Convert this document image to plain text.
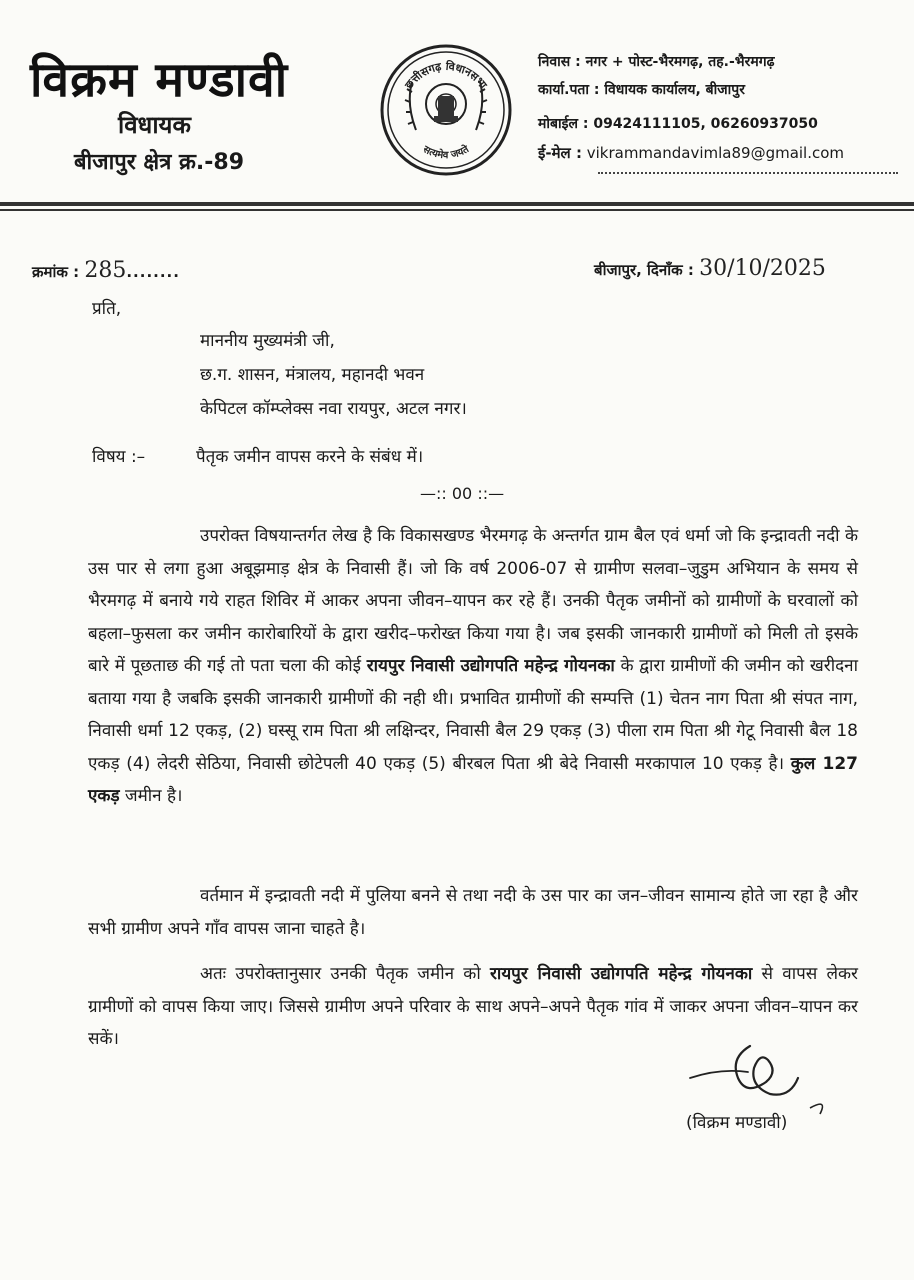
विक्रम मण्डावी
विधायक
बीजापुर क्षेत्र क्र.-89
छत्तीसगढ़ विधानसभा
सत्यमेव जयते
निवास : नगर + पोस्ट-भैरमगढ़, तह.-भैरमगढ़
कार्या.पता : विधायक कार्यालय, बीजापुर
मोबाईल : 09424111105, 06260937050
ई-मेल : vikrammandavimla89@gmail.com
क्रमांक : 285........	बीजापुर, दिनाँक : 30/10/2025
प्रति,
माननीय मुख्यमंत्री जी,
छ.ग. शासन, मंत्रालय, महानदी भवन
केपिटल कॉम्प्लेक्स नवा रायपुर, अटल नगर।
विषय :–	पैतृक जमीन वापस करने के संबंध में।
—:: 00 ::—
उपरोक्त विषयान्तर्गत लेख है कि विकासखण्ड भैरमगढ़ के अन्तर्गत ग्राम बैल एवं धर्मा जो कि इन्द्रावती नदी के उस पार से लगा हुआ अबूझमाड़ क्षेत्र के निवासी हैं। जो कि वर्ष 2006-07 से ग्रामीण सलवा–जुडुम अभियान के समय से भैरमगढ़ में बनाये गये राहत शिविर में आकर अपना जीवन–यापन कर रहे हैं। उनकी पैतृक जमीनों को ग्रामीणों के घरवालों को बहला–फुसला कर जमीन कारोबारियों के द्वारा खरीद–फरोख्त किया गया है। जब इसकी जानकारी ग्रामीणों को मिली तो इसके बारे में पूछताछ की गई तो पता चला की कोई रायपुर निवासी उद्योगपति महेन्द्र गोयनका के द्वारा ग्रामीणों की जमीन को खरीदना बताया गया है जबकि इसकी जानकारी ग्रामीणों की नही थी। प्रभावित ग्रामीणों की सम्पत्ति (1) चेतन नाग पिता श्री संपत नाग, निवासी धर्मा 12 एकड़, (2) घस्सू राम पिता श्री लक्षिन्दर, निवासी बैल 29 एकड़ (3) पीला राम पिता श्री गेटू निवासी बैल 18 एकड़ (4) लेदरी सेठिया, निवासी छोटेपली 40 एकड़ (5) बीरबल पिता श्री बेदे निवासी मरकापाल 10 एकड़ है। कुल 127 एकड़ जमीन है।
वर्तमान में इन्द्रावती नदी में पुलिया बनने से तथा नदी के उस पार का जन–जीवन सामान्य होते जा रहा है और सभी ग्रामीण अपने गाँव वापस जाना चाहते है।
अतः उपरोक्तानुसार उनकी पैतृक जमीन को रायपुर निवासी उद्योगपति महेन्द्र गोयनका से वापस लेकर ग्रामीणों को वापस किया जाए। जिससे ग्रामीण अपने परिवार के साथ अपने–अपने पैतृक गांव में जाकर अपना जीवन–यापन कर सकें।
(विक्रम मण्डावी)
